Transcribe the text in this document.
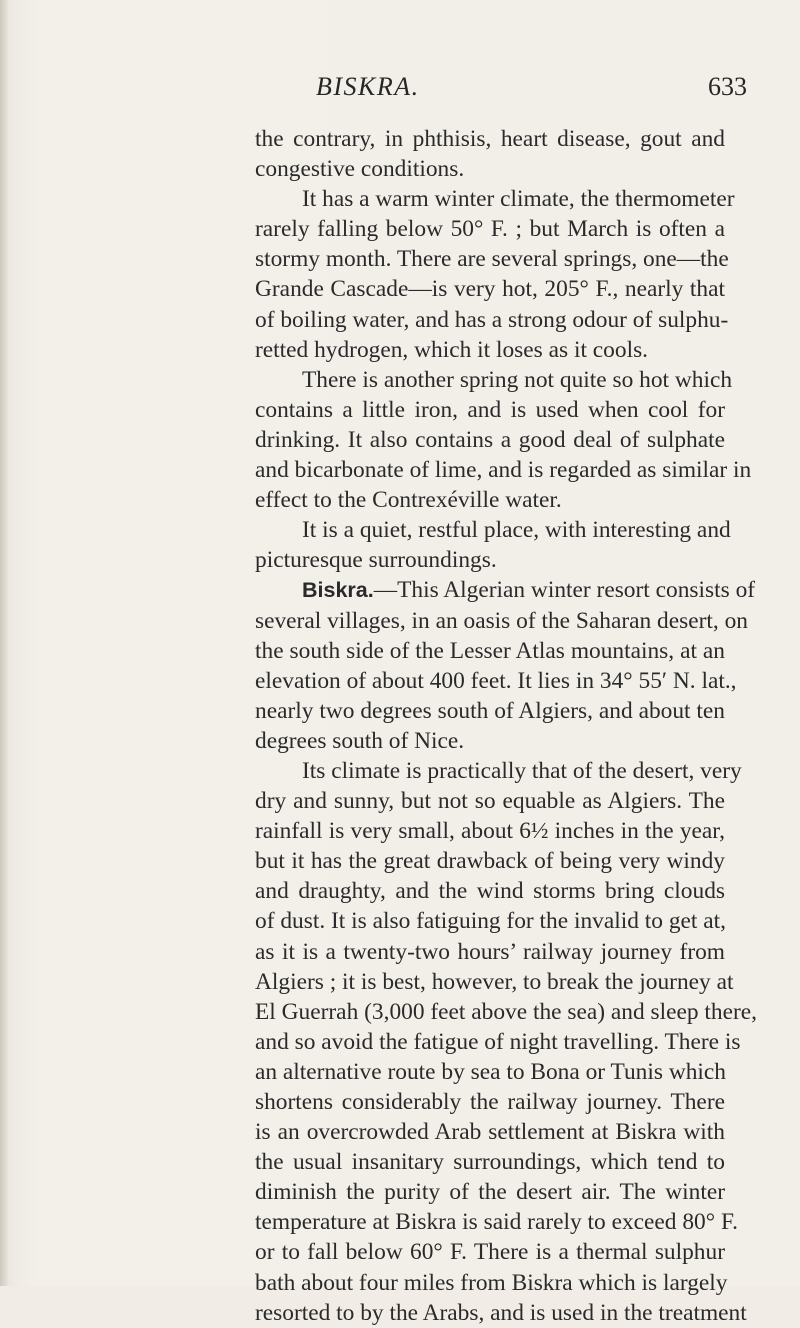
BISKRA.	633
the contrary, in phthisis, heart disease, gout and
congestive conditions.
It has a warm winter climate, the thermometer
rarely falling below 50° F. ; but March is often a
stormy month. There are several springs, one—the
Grande Cascade—is very hot, 205° F., nearly that
of boiling water, and has a strong odour of sulphu-
retted hydrogen, which it loses as it cools.
There is another spring not quite so hot which
contains a little iron, and is used when cool for
drinking. It also contains a good deal of sulphate
and bicarbonate of lime, and is regarded as similar in
effect to the Contrexéville water.
It is a quiet, restful place, with interesting and
picturesque surroundings.
Biskra.—This Algerian winter resort consists of
several villages, in an oasis of the Saharan desert, on
the south side of the Lesser Atlas mountains, at an
elevation of about 400 feet. It lies in 34° 55′ N. lat.,
nearly two degrees south of Algiers, and about ten
degrees south of Nice.
Its climate is practically that of the desert, very
dry and sunny, but not so equable as Algiers. The
rainfall is very small, about 6½ inches in the year,
but it has the great drawback of being very windy
and draughty, and the wind storms bring clouds
of dust. It is also fatiguing for the invalid to get at,
as it is a twenty-two hours’ railway journey from
Algiers ; it is best, however, to break the journey at
El Guerrah (3,000 feet above the sea) and sleep there,
and so avoid the fatigue of night travelling. There is
an alternative route by sea to Bona or Tunis which
shortens considerably the railway journey. There
is an overcrowded Arab settlement at Biskra with
the usual insanitary surroundings, which tend to
diminish the purity of the desert air. The winter
temperature at Biskra is said rarely to exceed 80° F.
or to fall below 60° F. There is a thermal sulphur
bath about four miles from Biskra which is largely
resorted to by the Arabs, and is used in the treatment
